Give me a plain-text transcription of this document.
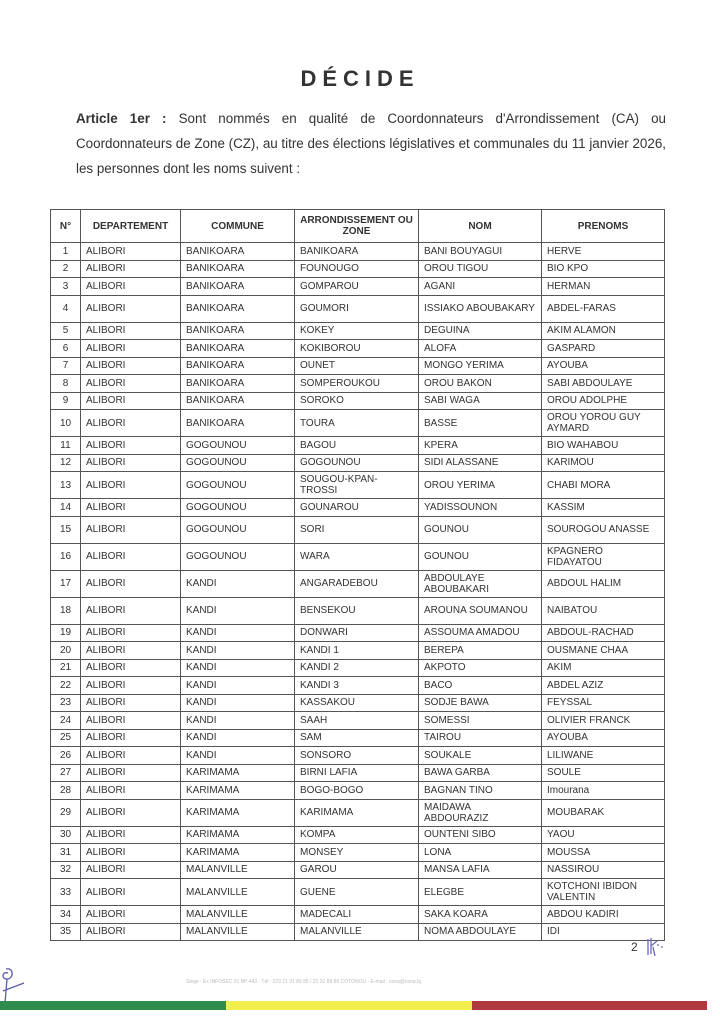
DÉCIDE
Article 1er : Sont nommés en qualité de Coordonnateurs d'Arrondissement (CA) ou Coordonnateurs de Zone (CZ), au titre des élections législatives et communales du 11 janvier 2026, les personnes dont les noms suivent :
N°	DEPARTEMENT	COMMUNE	ARRONDISSEMENT OU ZONE	NOM	PRENOMS
1	ALIBORI	BANIKOARA	BANIKOARA	BANI BOUYAGUI	HERVE
2	ALIBORI	BANIKOARA	FOUNOUGO	OROU TIGOU	BIO KPO
3	ALIBORI	BANIKOARA	GOMPAROU	AGANI	HERMAN
4	ALIBORI	BANIKOARA	GOUMORI	ISSIAKO ABOUBAKARY	ABDEL-FARAS
5	ALIBORI	BANIKOARA	KOKEY	DEGUINA	AKIM ALAMON
6	ALIBORI	BANIKOARA	KOKIBOROU	ALOFA	GASPARD
7	ALIBORI	BANIKOARA	OUNET	MONGO YERIMA	AYOUBA
8	ALIBORI	BANIKOARA	SOMPEROUKOU	OROU BAKON	SABI ABDOULAYE
9	ALIBORI	BANIKOARA	SOROKO	SABI WAGA	OROU ADOLPHE
10	ALIBORI	BANIKOARA	TOURA	BASSE	OROU YOROU GUY AYMARD
11	ALIBORI	GOGOUNOU	BAGOU	KPERA	BIO WAHABOU
12	ALIBORI	GOGOUNOU	GOGOUNOU	SIDI ALASSANE	KARIMOU
13	ALIBORI	GOGOUNOU	SOUGOU-KPAN-TROSSI	OROU YERIMA	CHABI MORA
14	ALIBORI	GOGOUNOU	GOUNAROU	YADISSOUNON	KASSIM
15	ALIBORI	GOGOUNOU	SORI	GOUNOU	SOUROGOU ANASSE
16	ALIBORI	GOGOUNOU	WARA	GOUNOU	KPAGNERO FIDAYATOU
17	ALIBORI	KANDI	ANGARADEBOU	ABDOULAYE ABOUBAKARI	ABDOUL HALIM
18	ALIBORI	KANDI	BENSEKOU	AROUNA SOUMANOU	NAIBATOU
19	ALIBORI	KANDI	DONWARI	ASSOUMA AMADOU	ABDOUL-RACHAD
20	ALIBORI	KANDI	KANDI 1	BEREPA	OUSMANE CHAA
21	ALIBORI	KANDI	KANDI 2	AKPOTO	AKIM
22	ALIBORI	KANDI	KANDI 3	BACO	ABDEL AZIZ
23	ALIBORI	KANDI	KASSAKOU	SODJE BAWA	FEYSSAL
24	ALIBORI	KANDI	SAAH	SOMESSI	OLIVIER FRANCK
25	ALIBORI	KANDI	SAM	TAIROU	AYOUBA
26	ALIBORI	KANDI	SONSORO	SOUKALE	LILIWANE
27	ALIBORI	KARIMAMA	BIRNI LAFIA	BAWA GARBA	SOULE
28	ALIBORI	KARIMAMA	BOGO-BOGO	BAGNAN TINO	Imourana
29	ALIBORI	KARIMAMA	KARIMAMA	MAIDAWA ABDOURAZIZ	MOUBARAK
30	ALIBORI	KARIMAMA	KOMPA	OUNTENI SIBO	YAOU
31	ALIBORI	KARIMAMA	MONSEY	LONA	MOUSSA
32	ALIBORI	MALANVILLE	GAROU	MANSA LAFIA	NASSIROU
33	ALIBORI	MALANVILLE	GUENE	ELEGBE	KOTCHONI IBIDON VALENTIN
34	ALIBORI	MALANVILLE	MADECALI	SAKA KOARA	ABDOU KADIRI
35	ALIBORI	MALANVILLE	MALANVILLE	NOMA ABDOULAYE	IDI
2
Siège : Ex INFOSEC 01 BP 443 · Tél : 229 21 31 89 85 / 21 31 89 86 COTONOU · E-mail : cena@cena.bj
